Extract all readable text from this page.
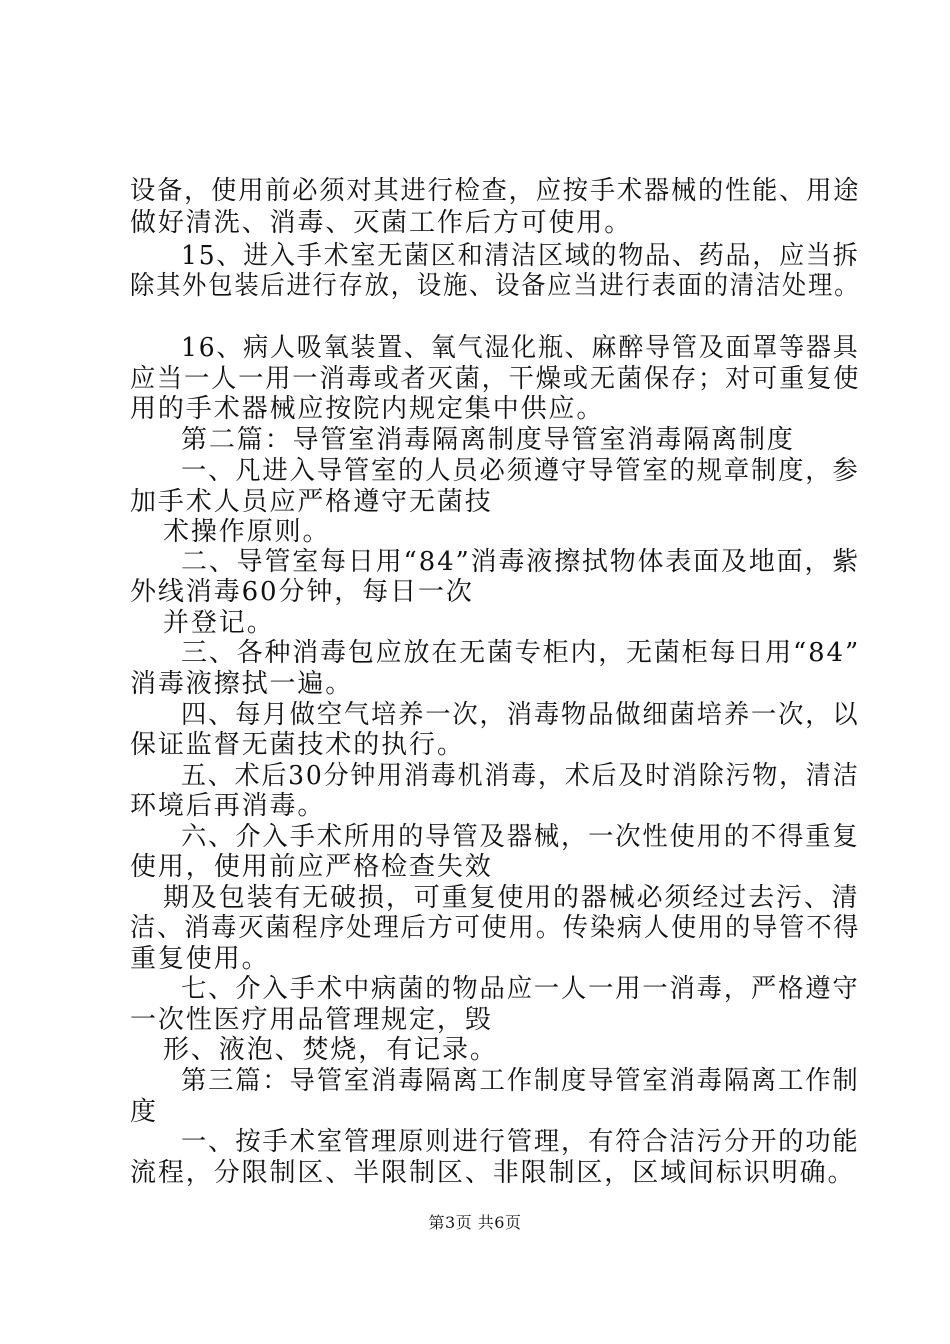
设备，使用前必须对其进行检查，应按手术器械的性能、用途
做好清洗、消毒、灭菌工作后方可使用。
15、进入手术室无菌区和清洁区域的物品、药品，应当拆
除其外包装后进行存放，设施、设备应当进行表面的清洁处理。
16、病人吸氧装置、氧气湿化瓶、麻醉导管及面罩等器具
应当一人一用一消毒或者灭菌，干燥或无菌保存；对可重复使
用的手术器械应按院内规定集中供应。
第二篇：导管室消毒隔离制度导管室消毒隔离制度
一、凡进入导管室的人员必须遵守导管室的规章制度，参
加手术人员应严格遵守无菌技
术操作原则。
二、导管室每日用“84”消毒液擦拭物体表面及地面，紫
外线消毒60分钟，每日一次
并登记。
三、各种消毒包应放在无菌专柜内，无菌柜每日用“84”
消毒液擦拭一遍。
四、每月做空气培养一次，消毒物品做细菌培养一次，以
保证监督无菌技术的执行。
五、术后30分钟用消毒机消毒，术后及时消除污物，清洁
环境后再消毒。
六、介入手术所用的导管及器械，一次性使用的不得重复
使用，使用前应严格检查失效
期及包装有无破损，可重复使用的器械必须经过去污、清
洁、消毒灭菌程序处理后方可使用。传染病人使用的导管不得
重复使用。
七、介入手术中病菌的物品应一人一用一消毒，严格遵守
一次性医疗用品管理规定，毁
形、液泡、焚烧，有记录。
第三篇：导管室消毒隔离工作制度导管室消毒隔离工作制
度
一、按手术室管理原则进行管理，有符合洁污分开的功能
流程，分限制区、半限制区、非限制区，区域间标识明确。
第3页 共6页
